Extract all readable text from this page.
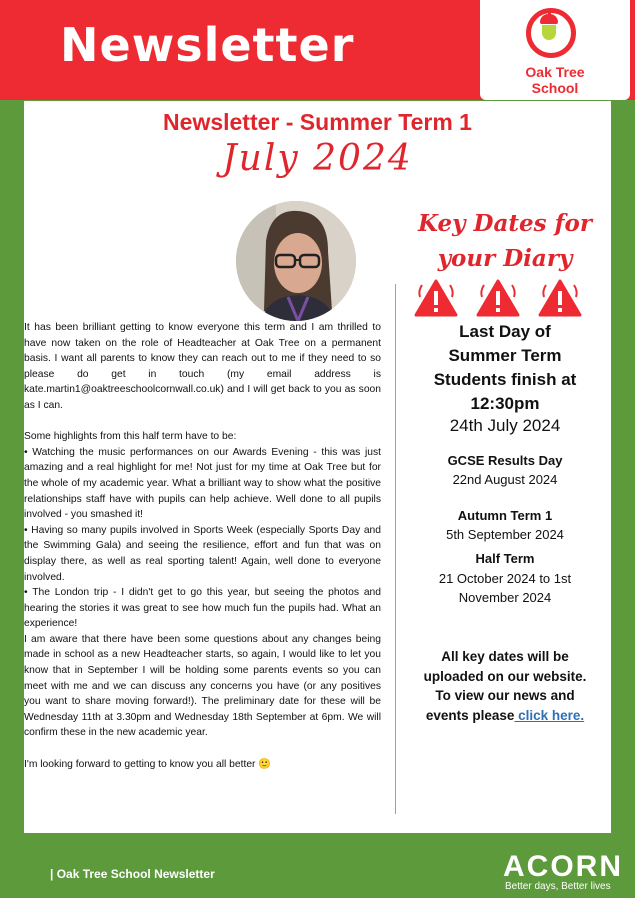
Newsletter	Oak Tree
School
Newsletter - Summer Term 1
July 2024

It has been brilliant getting to know everyone this term and I am thrilled to have now taken on the role of Headteacher at Oak Tree on a permanent basis. I want all parents to know they can reach out to me if they need to so please do get in touch (my email address is kate.martin1@oaktreeschoolcornwall.co.uk) and I will get back to you as soon as I can.

Some highlights from this half term have to be:

• Watching the music performances on our Awards Evening - this was just amazing and a real highlight for me! Not just for my time at Oak Tree but for the whole of my academic year. What a brilliant way to show what the positive relationships staff have with pupils can help achieve. Well done to all pupils involved - you smashed it!

• Having so many pupils involved in Sports Week (especially Sports Day and the Swimming Gala) and seeing the resilience, effort and fun that was on display there, as well as real sporting talent! Again, well done to everyone involved.

• The London trip - I didn't get to go this year, but seeing the photos and hearing the stories it was great to see how much fun the pupils had. What an experience!

I am aware that there have been some questions about any changes being made in school as a new Headteacher starts, so again, I would like to let you know that in September I will be holding some parents events so you can meet with me and we can discuss any concerns you have (or any positives you want to share moving forward!). The preliminary date for these will be Wednesday 11th at 3.30pm and Wednesday 18th September at 6pm. We will confirm these in the new academic year.

I'm looking forward to getting to know you all better 🙂

Key Dates for
your Diary
Last Day of
Summer Term
Students finish at
12:30pm
24th July 2024
GCSE Results Day
22nd August 2024
Autumn Term 1
5th September 2024
Half Term
21 October 2024 to 1st
November 2024
All key dates will be
uploaded on our website.
To view our news and
events please click here.
| Oak Tree School Newsletter	ACORN
Better days, Better lives
